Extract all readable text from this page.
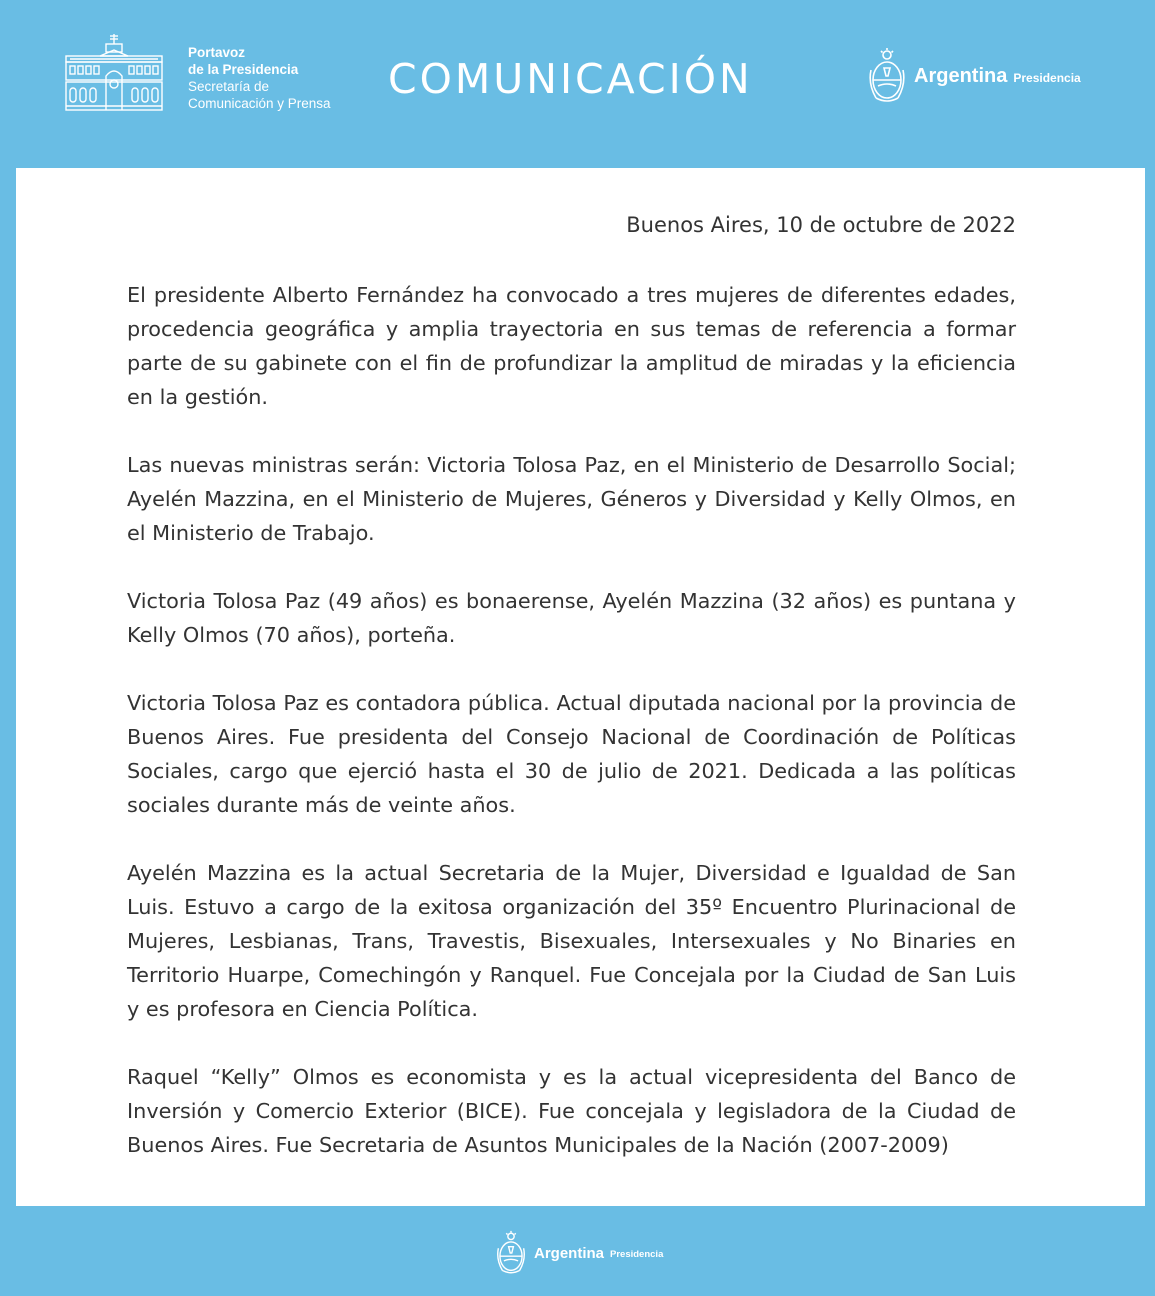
Portavoz
de la Presidencia
Secretaría de
Comunicación y Prensa
COMUNICACIÓN	Argentina Presidencia
Buenos Aires, 10 de octubre de 2022

El presidente Alberto Fernández ha convocado a tres mujeres de diferentes edades, procedencia geográfica y amplia trayectoria en sus temas de referencia a formar parte de su gabinete con el fin de profundizar la amplitud de miradas y la eficiencia en la gestión.

Las nuevas ministras serán: Victoria Tolosa Paz, en el Ministerio de Desarrollo Social; Ayelén Mazzina, en el Ministerio de Mujeres, Géneros y Diversidad y Kelly Olmos, en el Ministerio de Trabajo.

Victoria Tolosa Paz (49 años) es bonaerense, Ayelén Mazzina (32 años) es puntana y Kelly Olmos (70 años), porteña.

Victoria Tolosa Paz es contadora pública. Actual diputada nacional por la provincia de Buenos Aires. Fue presidenta del Consejo Nacional de Coordinación de Políticas Sociales, cargo que ejerció hasta el 30 de julio de 2021. Dedicada a las políticas sociales durante más de veinte años.

Ayelén Mazzina es la actual Secretaria de la Mujer, Diversidad e Igualdad de San Luis. Estuvo a cargo de la exitosa organización del 35º Encuentro Plurinacional de Mujeres, Lesbianas, Trans, Travestis, Bisexuales, Intersexuales y No Binaries en Territorio Huarpe, Comechingón y Ranquel. Fue Concejala por la Ciudad de San Luis y es profesora en Ciencia Política.

Raquel “Kelly” Olmos es economista y es la actual vicepresidenta del Banco de Inversión y Comercio Exterior (BICE). Fue concejala y legisladora de la Ciudad de Buenos Aires. Fue Secretaria de Asuntos Municipales de la Nación (2007-2009)

Argentina Presidencia
